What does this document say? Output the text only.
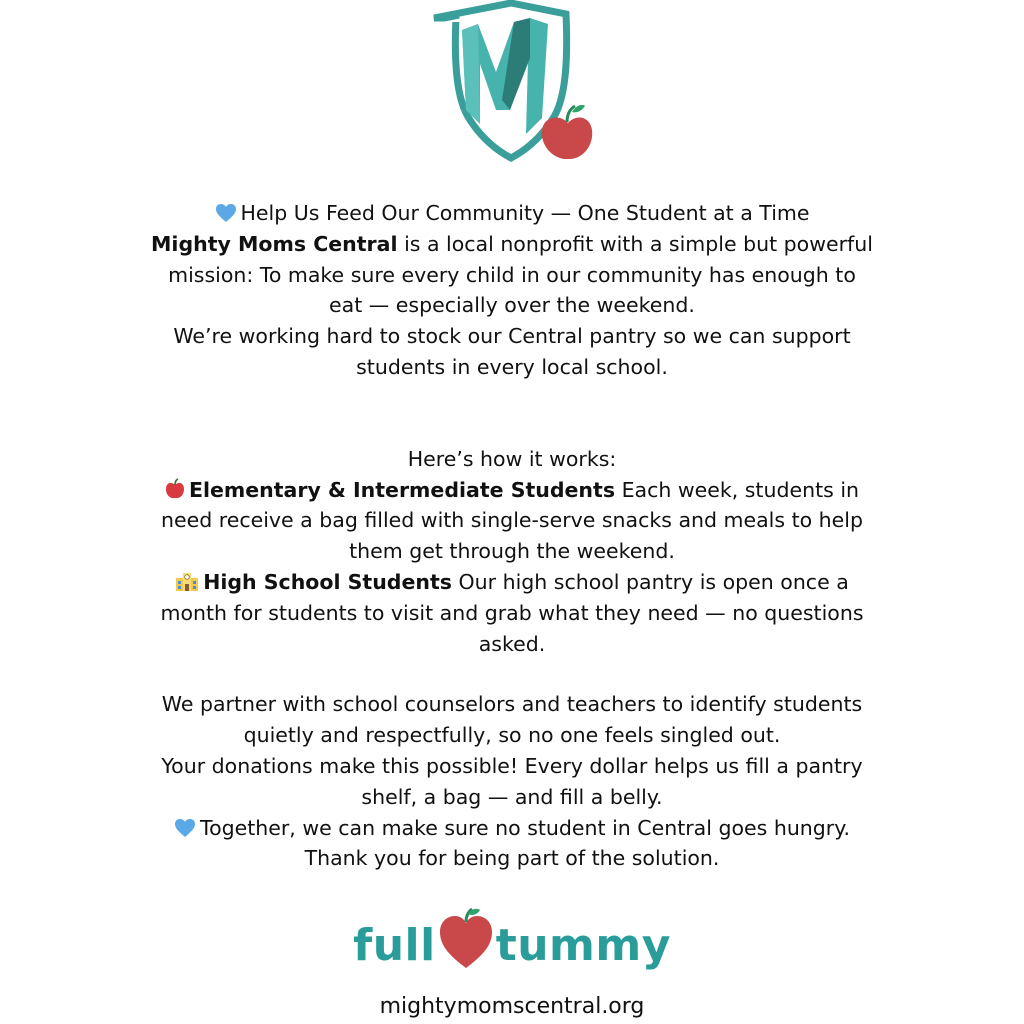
Help Us Feed Our Community — One Student at a Time

Mighty Moms Central is a local nonprofit with a simple but powerful mission: To make sure every child in our community has enough to eat — especially over the weekend.

We’re working hard to stock our Central pantry so we can support students in every local school.

Here’s how it works:

Elementary & Intermediate Students Each week, students in need receive a bag filled with single-serve snacks and meals to help them get through the weekend.

High School Students Our high school pantry is open once a month for students to visit and grab what they need — no questions asked.

We partner with school counselors and teachers to identify students quietly and respectfully, so no one feels singled out.

Your donations make this possible! Every dollar helps us fill a pantry shelf, a bag — and fill a belly.

Together, we can make sure no student in Central goes hungry. Thank you for being part of the solution.

full tummy
mightymomscentral.org
